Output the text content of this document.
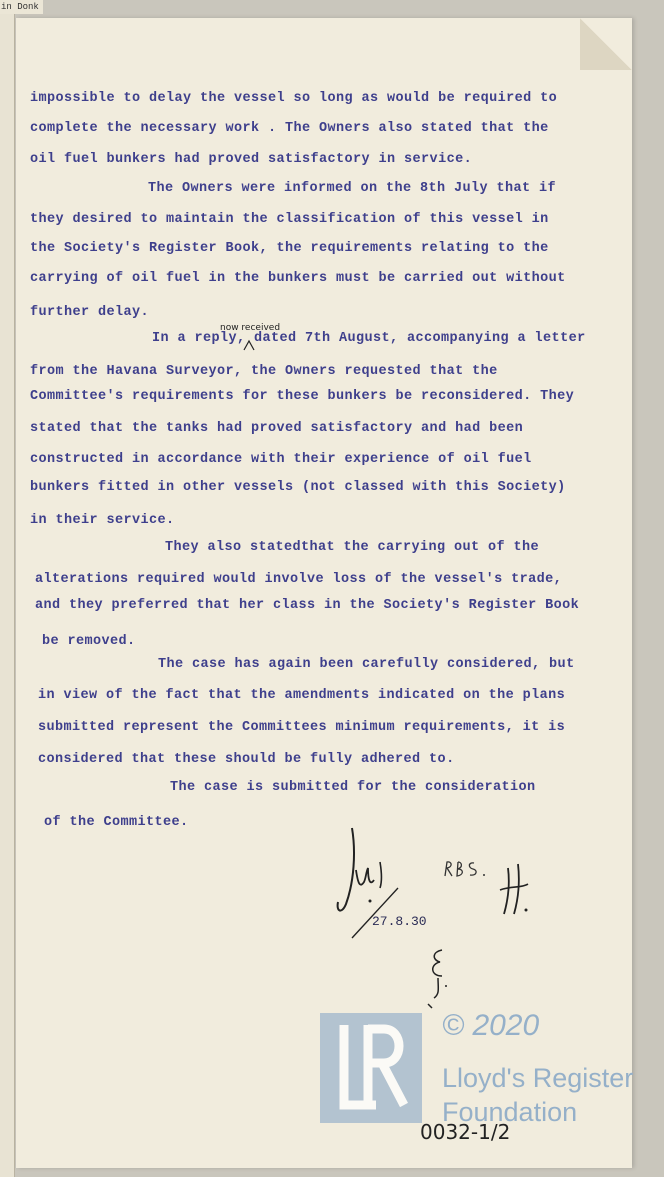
in Donk
impossible to delay the vessel so long as would be required to
complete the necessary work . The Owners also stated that the
oil fuel bunkers had proved satisfactory in service.
The Owners were informed on the 8th July that if
they desired to maintain the classification of this vessel in
the Society's Register Book, the requirements relating to the
carrying of oil fuel in the bunkers must be carried out without
further delay.
In a reply, dated 7th August, accompanying a letter
from the Havana Surveyor, the Owners requested that the
Committee's requirements for these bunkers be reconsidered. They
stated that the tanks had proved satisfactory and had been
constructed in accordance with their experience of oil fuel
bunkers fitted in other vessels (not classed with this Society)
in their service.
They also statedthat the carrying out of the
alterations required would involve loss of the vessel's trade,
and they preferred that her class in the Society's Register Book
be removed.
The case has again been carefully considered, but
in view of the fact that the amendments indicated on the plans
submitted represent the Committees minimum requirements, it is
considered that these should be fully adhered to.
The case is submitted for the consideration
of the Committee.
now received
27.8.30
© 2020
Lloyd's Register
Foundation
0032-1/2
